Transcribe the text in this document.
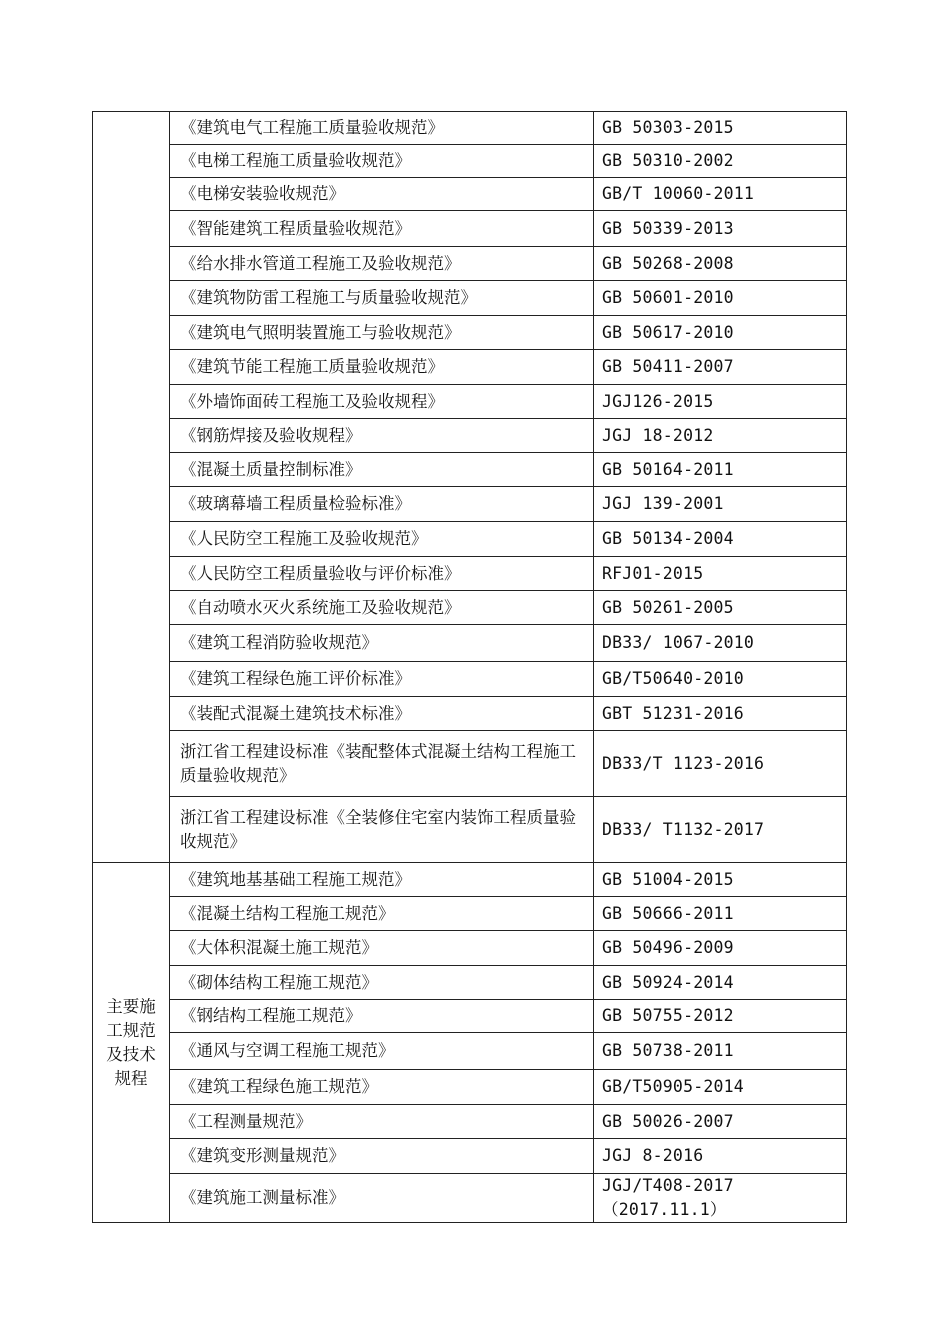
	《建筑电气工程施工质量验收规范》	GB 50303-2015
	《电梯工程施工质量验收规范》	GB 50310-2002
	《电梯安装验收规范》	GB/T 10060-2011
	《智能建筑工程质量验收规范》	GB 50339-2013
	《给水排水管道工程施工及验收规范》	GB 50268-2008
	《建筑物防雷工程施工与质量验收规范》	GB 50601-2010
	《建筑电气照明装置施工与验收规范》	GB 50617-2010
	《建筑节能工程施工质量验收规范》	GB 50411-2007
	《外墙饰面砖工程施工及验收规程》	JGJ126-2015
	《钢筋焊接及验收规程》	JGJ 18-2012
	《混凝土质量控制标准》	GB 50164-2011
	《玻璃幕墙工程质量检验标准》	JGJ 139-2001
	《人民防空工程施工及验收规范》	GB 50134-2004
	《人民防空工程质量验收与评价标准》	RFJ01-2015
	《自动喷水灭火系统施工及验收规范》	GB 50261-2005
	《建筑工程消防验收规范》	DB33/ 1067-2010
	《建筑工程绿色施工评价标准》	GB/T50640-2010
	《装配式混凝土建筑技术标准》	GBT 51231-2016
	浙江省工程建设标准《装配整体式混凝土结构工程施工质量验收规范》	DB33/T 1123-2016
	浙江省工程建设标准《全装修住宅室内装饰工程质量验收规范》	DB33/ T1132-2017

主要施工规范及技术规程	《建筑地基基础工程施工规范》	GB 51004-2015
	《混凝土结构工程施工规范》	GB 50666-2011
	《大体积混凝土施工规范》	GB 50496-2009
	《砌体结构工程施工规范》	GB 50924-2014
	《钢结构工程施工规范》	GB 50755-2012
	《通风与空调工程施工规范》	GB 50738-2011
	《建筑工程绿色施工规范》	GB/T50905-2014
	《工程测量规范》	GB 50026-2007
	《建筑变形测量规范》	JGJ 8-2016
	《建筑施工测量标准》	JGJ/T408-2017（2017.11.1）
